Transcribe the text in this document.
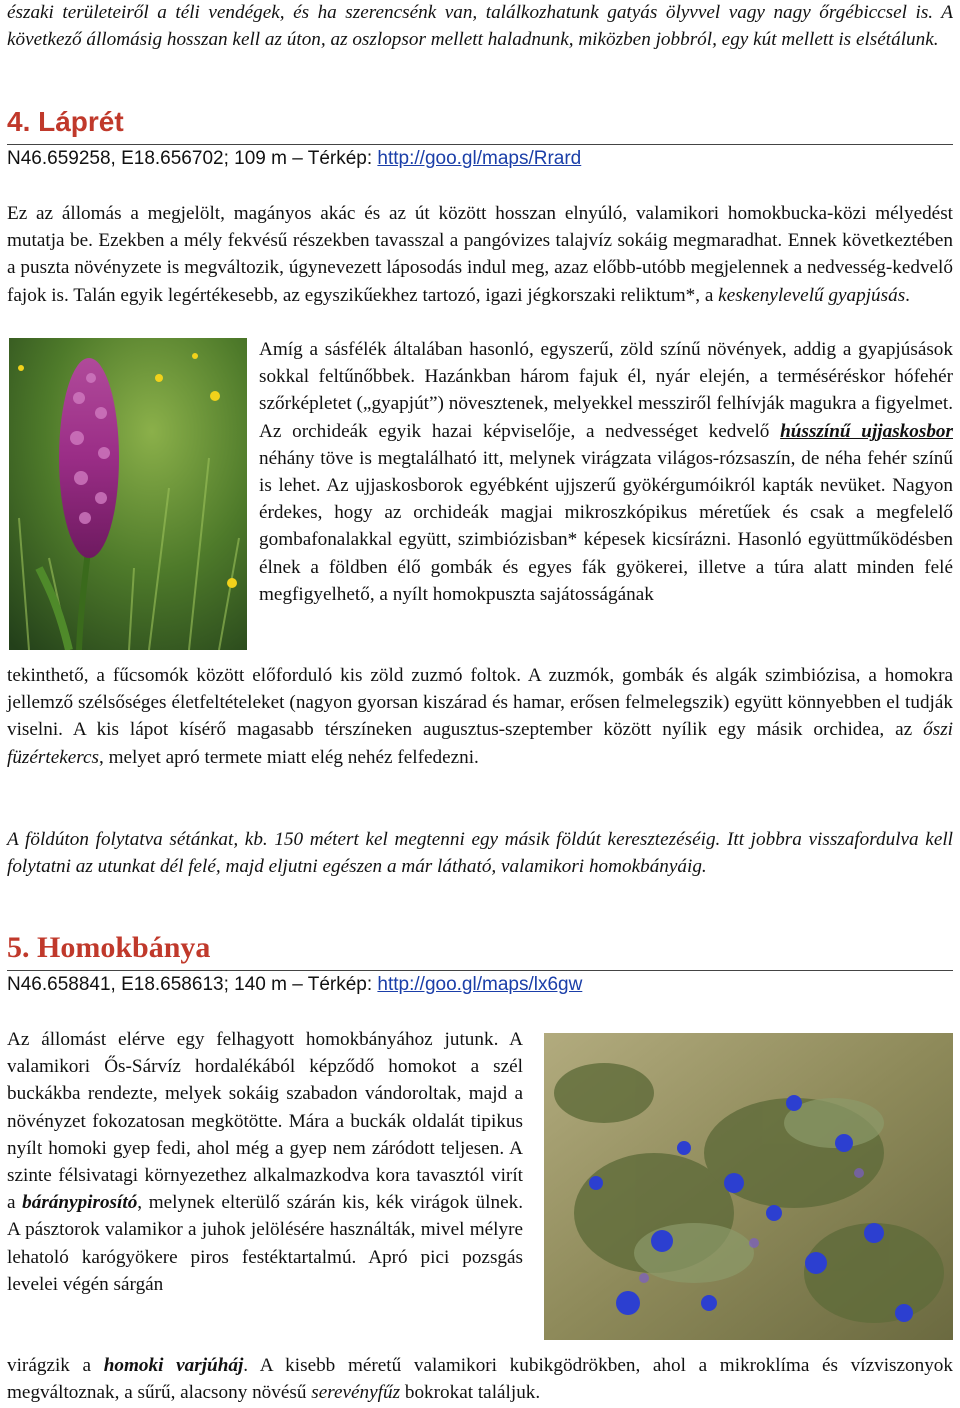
északi területeiről a téli vendégek, és ha szerencsénk van, találkozhatunk gatyás ölyvvel vagy nagy őrgébiccsel is. A következő állomásig hosszan kell az úton, az oszlopsor mellett haladnunk, miközben jobbról, egy kút mellett is elsétálunk.

4. Láprét

N46.659258, E18.656702; 109 m – Térkép: http://goo.gl/maps/Rrard

Ez az állomás a megjelölt, magányos akác és az út között hosszan elnyúló, valamikori homokbucka-közi mélyedést mutatja be. Ezekben a mély fekvésű részekben tavasszal a pangóvizes talajvíz sokáig megmaradhat. Ennek következtében a puszta növényzete is megváltozik, úgynevezett láposodás indul meg, azaz előbb-utóbb megjelennek a nedvesség-kedvelő fajok is. Talán egyik legértékesebb, az egyszikűekhez tartozó, igazi jégkorszaki reliktum*, a keskenylevelű gyapjúsás.

Amíg a sásfélék általában hasonló, egyszerű, zöld színű növények, addig a gyapjúsások sokkal feltűnőbbek. Hazánkban három fajuk él, nyár elején, a terméséréskor hófehér szőrképletet („gyapjút”) növesztenek, melyekkel messziről felhívják magukra a figyelmet. Az orchideák egyik hazai képviselője, a nedvességet kedvelő hússzínű ujjaskosbor néhány töve is megtalálható itt, melynek virágzata világos-rózsaszín, de néha fehér színű is lehet. Az ujjaskosborok egyébként ujjszerű gyökérgumóikról kapták nevüket. Nagyon érdekes, hogy az orchideák magjai mikroszkópikus méretűek és csak a megfelelő gombafonalakkal együtt, szimbiózisban* képesek kicsírázni. Hasonló együttműködésben élnek a földben élő gombák és egyes fák gyökerei, illetve a túra alatt minden felé megfigyelhető, a nyílt homokpuszta sajátosságának

tekinthető, a fűcsomók között előforduló kis zöld zuzmó foltok. A zuzmók, gombák és algák szimbiózisa, a homokra jellemző szélsőséges életfeltételeket (nagyon gyorsan kiszárad és hamar, erősen felmelegszik) együtt könnyebben el tudják viselni. A kis lápot kísérő magasabb térszíneken augusztus-szeptember között nyílik egy másik orchidea, az őszi füzértekercs, melyet apró termete miatt elég nehéz felfedezni.

A földúton folytatva sétánkat, kb. 150 métert kel megtenni egy másik földút keresztezéséig. Itt jobbra visszafordulva kell folytatni az utunkat dél felé, majd eljutni egészen a már látható, valamikori homokbányáig.

5. Homokbánya

N46.658841, E18.658613; 140 m – Térkép: http://goo.gl/maps/lx6gw

Az állomást elérve egy felhagyott homokbányához jutunk. A valamikori Ős-Sárvíz hordalékából képződő homokot a szél buckákba rendezte, melyek sokáig szabadon vándoroltak, majd a növényzet fokozatosan megkötötte. Mára a buckák oldalát tipikus nyílt homoki gyep fedi, ahol még a gyep nem záródott teljesen. A szinte félsivatagi környezethez alkalmazkodva kora tavasztól virít a báránypirosító, melynek elterülő szárán kis, kék virágok ülnek. A pásztorok valamikor a juhok jelölésére használták, mivel mélyre lehatoló karógyökere piros festéktartalmú. Apró pici pozsgás levelei végén sárgán

virágzik a homoki varjúháj. A kisebb méretű valamikori kubikgödrökben, ahol a mikroklíma és vízviszonyok megváltoznak, a sűrű, alacsony növésű serevényfűz bokrokat találjuk.
